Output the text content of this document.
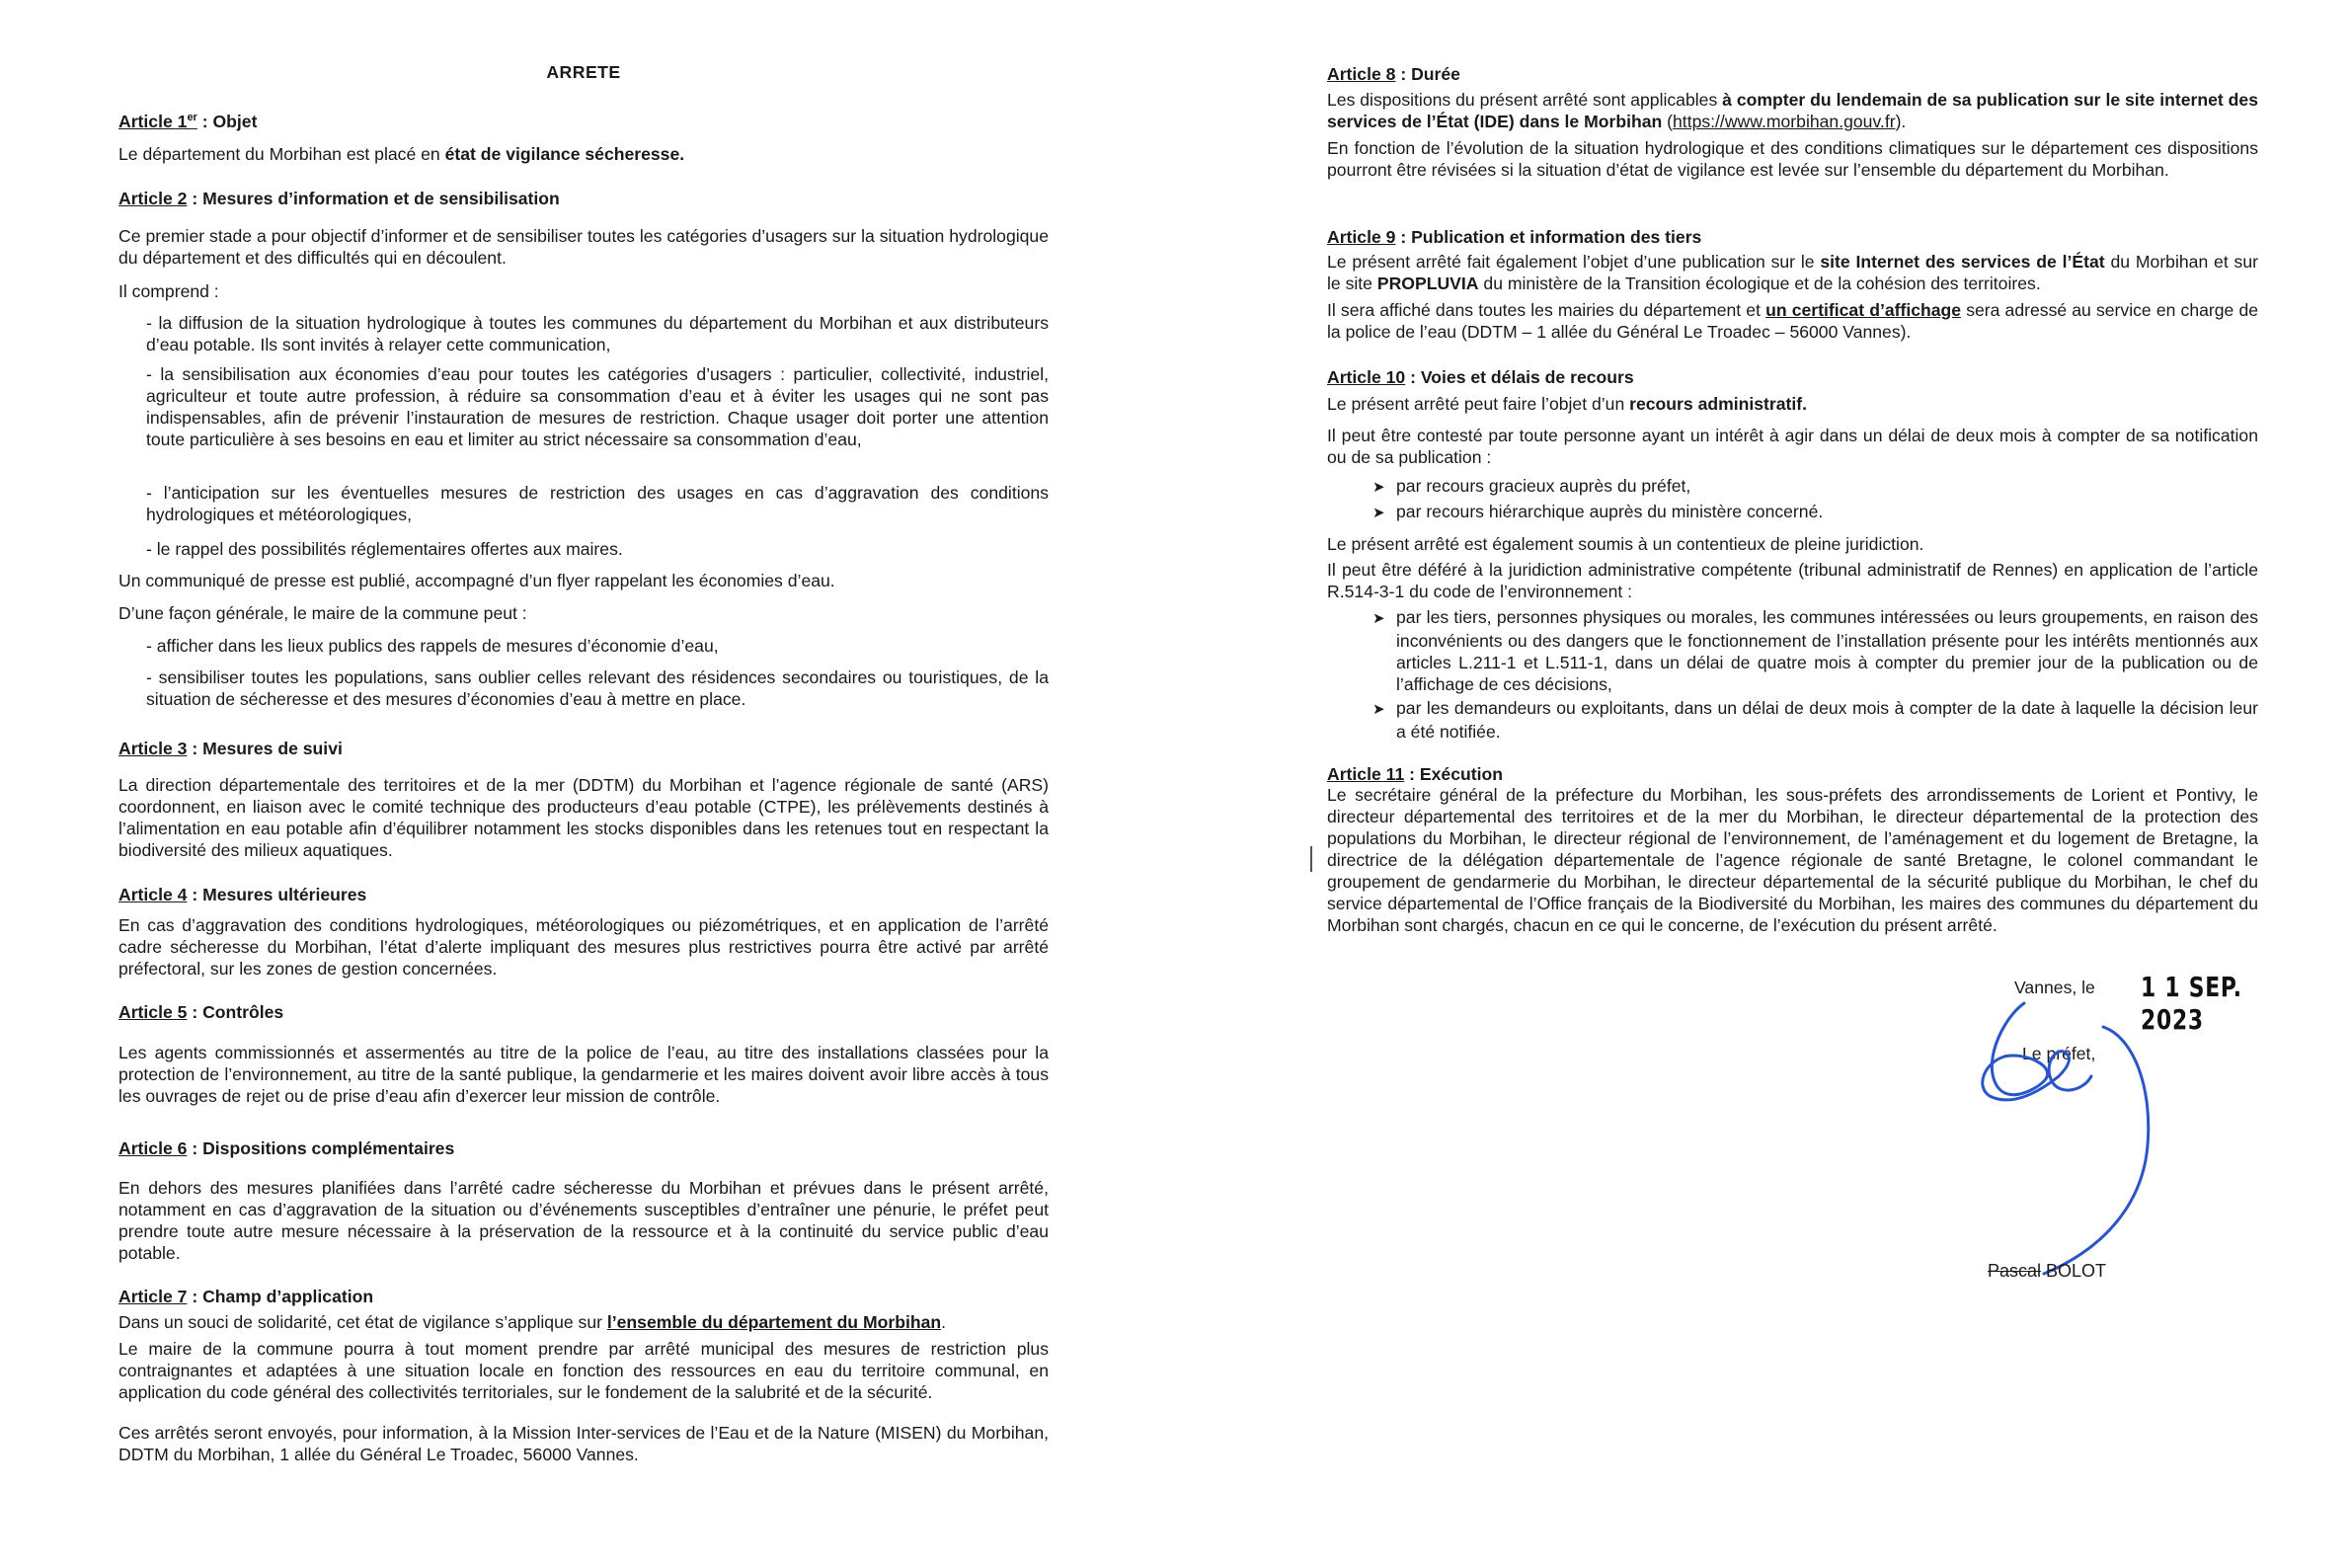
ARRETE
Article 1er : Objet
Le département du Morbihan est placé en état de vigilance sécheresse.
Article 2 : Mesures d’information et de sensibilisation
Ce premier stade a pour objectif d’informer et de sensibiliser toutes les catégories d’usagers sur la situation hydrologique du département et des difficultés qui en découlent.
Il comprend :
- la diffusion de la situation hydrologique à toutes les communes du département du Morbihan et aux distributeurs d’eau potable. Ils sont invités à relayer cette communication,
- la sensibilisation aux économies d’eau pour toutes les catégories d’usagers : particulier, collectivité, industriel, agriculteur et toute autre profession, à réduire sa consommation d’eau et à éviter les usages qui ne sont pas indispensables, afin de prévenir l’instauration de mesures de restriction. Chaque usager doit porter une attention toute particulière à ses besoins en eau et limiter au strict nécessaire sa consommation d’eau,
- l’anticipation sur les éventuelles mesures de restriction des usages en cas d’aggravation des conditions hydrologiques et météorologiques,
- le rappel des possibilités réglementaires offertes aux maires.
Un communiqué de presse est publié, accompagné d’un flyer rappelant les économies d’eau.
D’une façon générale, le maire de la commune peut :
- afficher dans les lieux publics des rappels de mesures d’économie d’eau,
- sensibiliser toutes les populations, sans oublier celles relevant des résidences secondaires ou touristiques, de la situation de sécheresse et des mesures d’économies d’eau à mettre en place.
Article 3 : Mesures de suivi
La direction départementale des territoires et de la mer (DDTM) du Morbihan et l’agence régionale de santé (ARS) coordonnent, en liaison avec le comité technique des producteurs d’eau potable (CTPE), les prélèvements destinés à l’alimentation en eau potable afin d’équilibrer notamment les stocks disponibles dans les retenues tout en respectant la biodiversité des milieux aquatiques.
Article 4 : Mesures ultérieures
En cas d’aggravation des conditions hydrologiques, météorologiques ou piézométriques, et en application de l’arrêté cadre sécheresse du Morbihan, l’état d’alerte impliquant des mesures plus restrictives pourra être activé par arrêté préfectoral, sur les zones de gestion concernées.
Article 5 : Contrôles
Les agents commissionnés et assermentés au titre de la police de l’eau, au titre des installations classées pour la protection de l’environnement, au titre de la santé publique, la gendarmerie et les maires doivent avoir libre accès à tous les ouvrages de rejet ou de prise d’eau afin d’exercer leur mission de contrôle.
Article 6 : Dispositions complémentaires
En dehors des mesures planifiées dans l’arrêté cadre sécheresse du Morbihan et prévues dans le présent arrêté, notamment en cas d’aggravation de la situation ou d’événements susceptibles d’entraîner une pénurie, le préfet peut prendre toute autre mesure nécessaire à la préservation de la ressource et à la continuité du service public d’eau potable.
Article 7 : Champ d’application
Dans un souci de solidarité, cet état de vigilance s’applique sur l’ensemble du département du Morbihan.
Le maire de la commune pourra à tout moment prendre par arrêté municipal des mesures de restriction plus contraignantes et adaptées à une situation locale en fonction des ressources en eau du territoire communal, en application du code général des collectivités territoriales, sur le fondement de la salubrité et de la sécurité.
Ces arrêtés seront envoyés, pour information, à la Mission Inter-services de l’Eau et de la Nature (MISEN) du Morbihan, DDTM du Morbihan, 1 allée du Général Le Troadec, 56000 Vannes.
Article 8 : Durée
Les dispositions du présent arrêté sont applicables à compter du lendemain de sa publication sur le site internet des services de l’État (IDE) dans le Morbihan (https://www.morbihan.gouv.fr).
En fonction de l’évolution de la situation hydrologique et des conditions climatiques sur le département ces dispositions pourront être révisées si la situation d’état de vigilance est levée sur l’ensemble du département du Morbihan.
Article 9 : Publication et information des tiers
Le présent arrêté fait également l’objet d’une publication sur le site Internet des services de l’État du Morbihan et sur le site PROPLUVIA du ministère de la Transition écologique et de la cohésion des territoires.
Il sera affiché dans toutes les mairies du département et un certificat d’affichage sera adressé au service en charge de la police de l’eau (DDTM – 1 allée du Général Le Troadec – 56000 Vannes).
Article 10 : Voies et délais de recours
Le présent arrêté peut faire l’objet d’un recours administratif.
Il peut être contesté par toute personne ayant un intérêt à agir dans un délai de deux mois à compter de sa notification ou de sa publication :
➤ par recours gracieux auprès du préfet,
➤ par recours hiérarchique auprès du ministère concerné.
Le présent arrêté est également soumis à un contentieux de pleine juridiction.
Il peut être déféré à la juridiction administrative compétente (tribunal administratif de Rennes) en application de l’article R.514-3-1 du code de l’environnement :
➤ par les tiers, personnes physiques ou morales, les communes intéressées ou leurs groupements, en raison des inconvénients ou des dangers que le fonctionnement de l’installation présente pour les intérêts mentionnés aux articles L.211-1 et L.511-1, dans un délai de quatre mois à compter du premier jour de la publication ou de l’affichage de ces décisions,
➤ par les demandeurs ou exploitants, dans un délai de deux mois à compter de la date à laquelle la décision leur a été notifiée.
Article 11 : Exécution
Le secrétaire général de la préfecture du Morbihan, les sous-préfets des arrondissements de Lorient et Pontivy, le directeur départemental des territoires et de la mer du Morbihan, le directeur départemental de la protection des populations du Morbihan, le directeur régional de l’environnement, de l’aménagement et du logement de Bretagne, la directrice de la délégation départementale de l’agence régionale de santé Bretagne, le colonel commandant le groupement de gendarmerie du Morbihan, le directeur départemental de la sécurité publique du Morbihan, le chef du service départemental de l’Office français de la Biodiversité du Morbihan, les maires des communes du département du Morbihan sont chargés, chacun en ce qui le concerne, de l’exécution du présent arrêté.
Vannes, le 1 1 SEP. 2023
Le préfet,
Pascal BOLOT
